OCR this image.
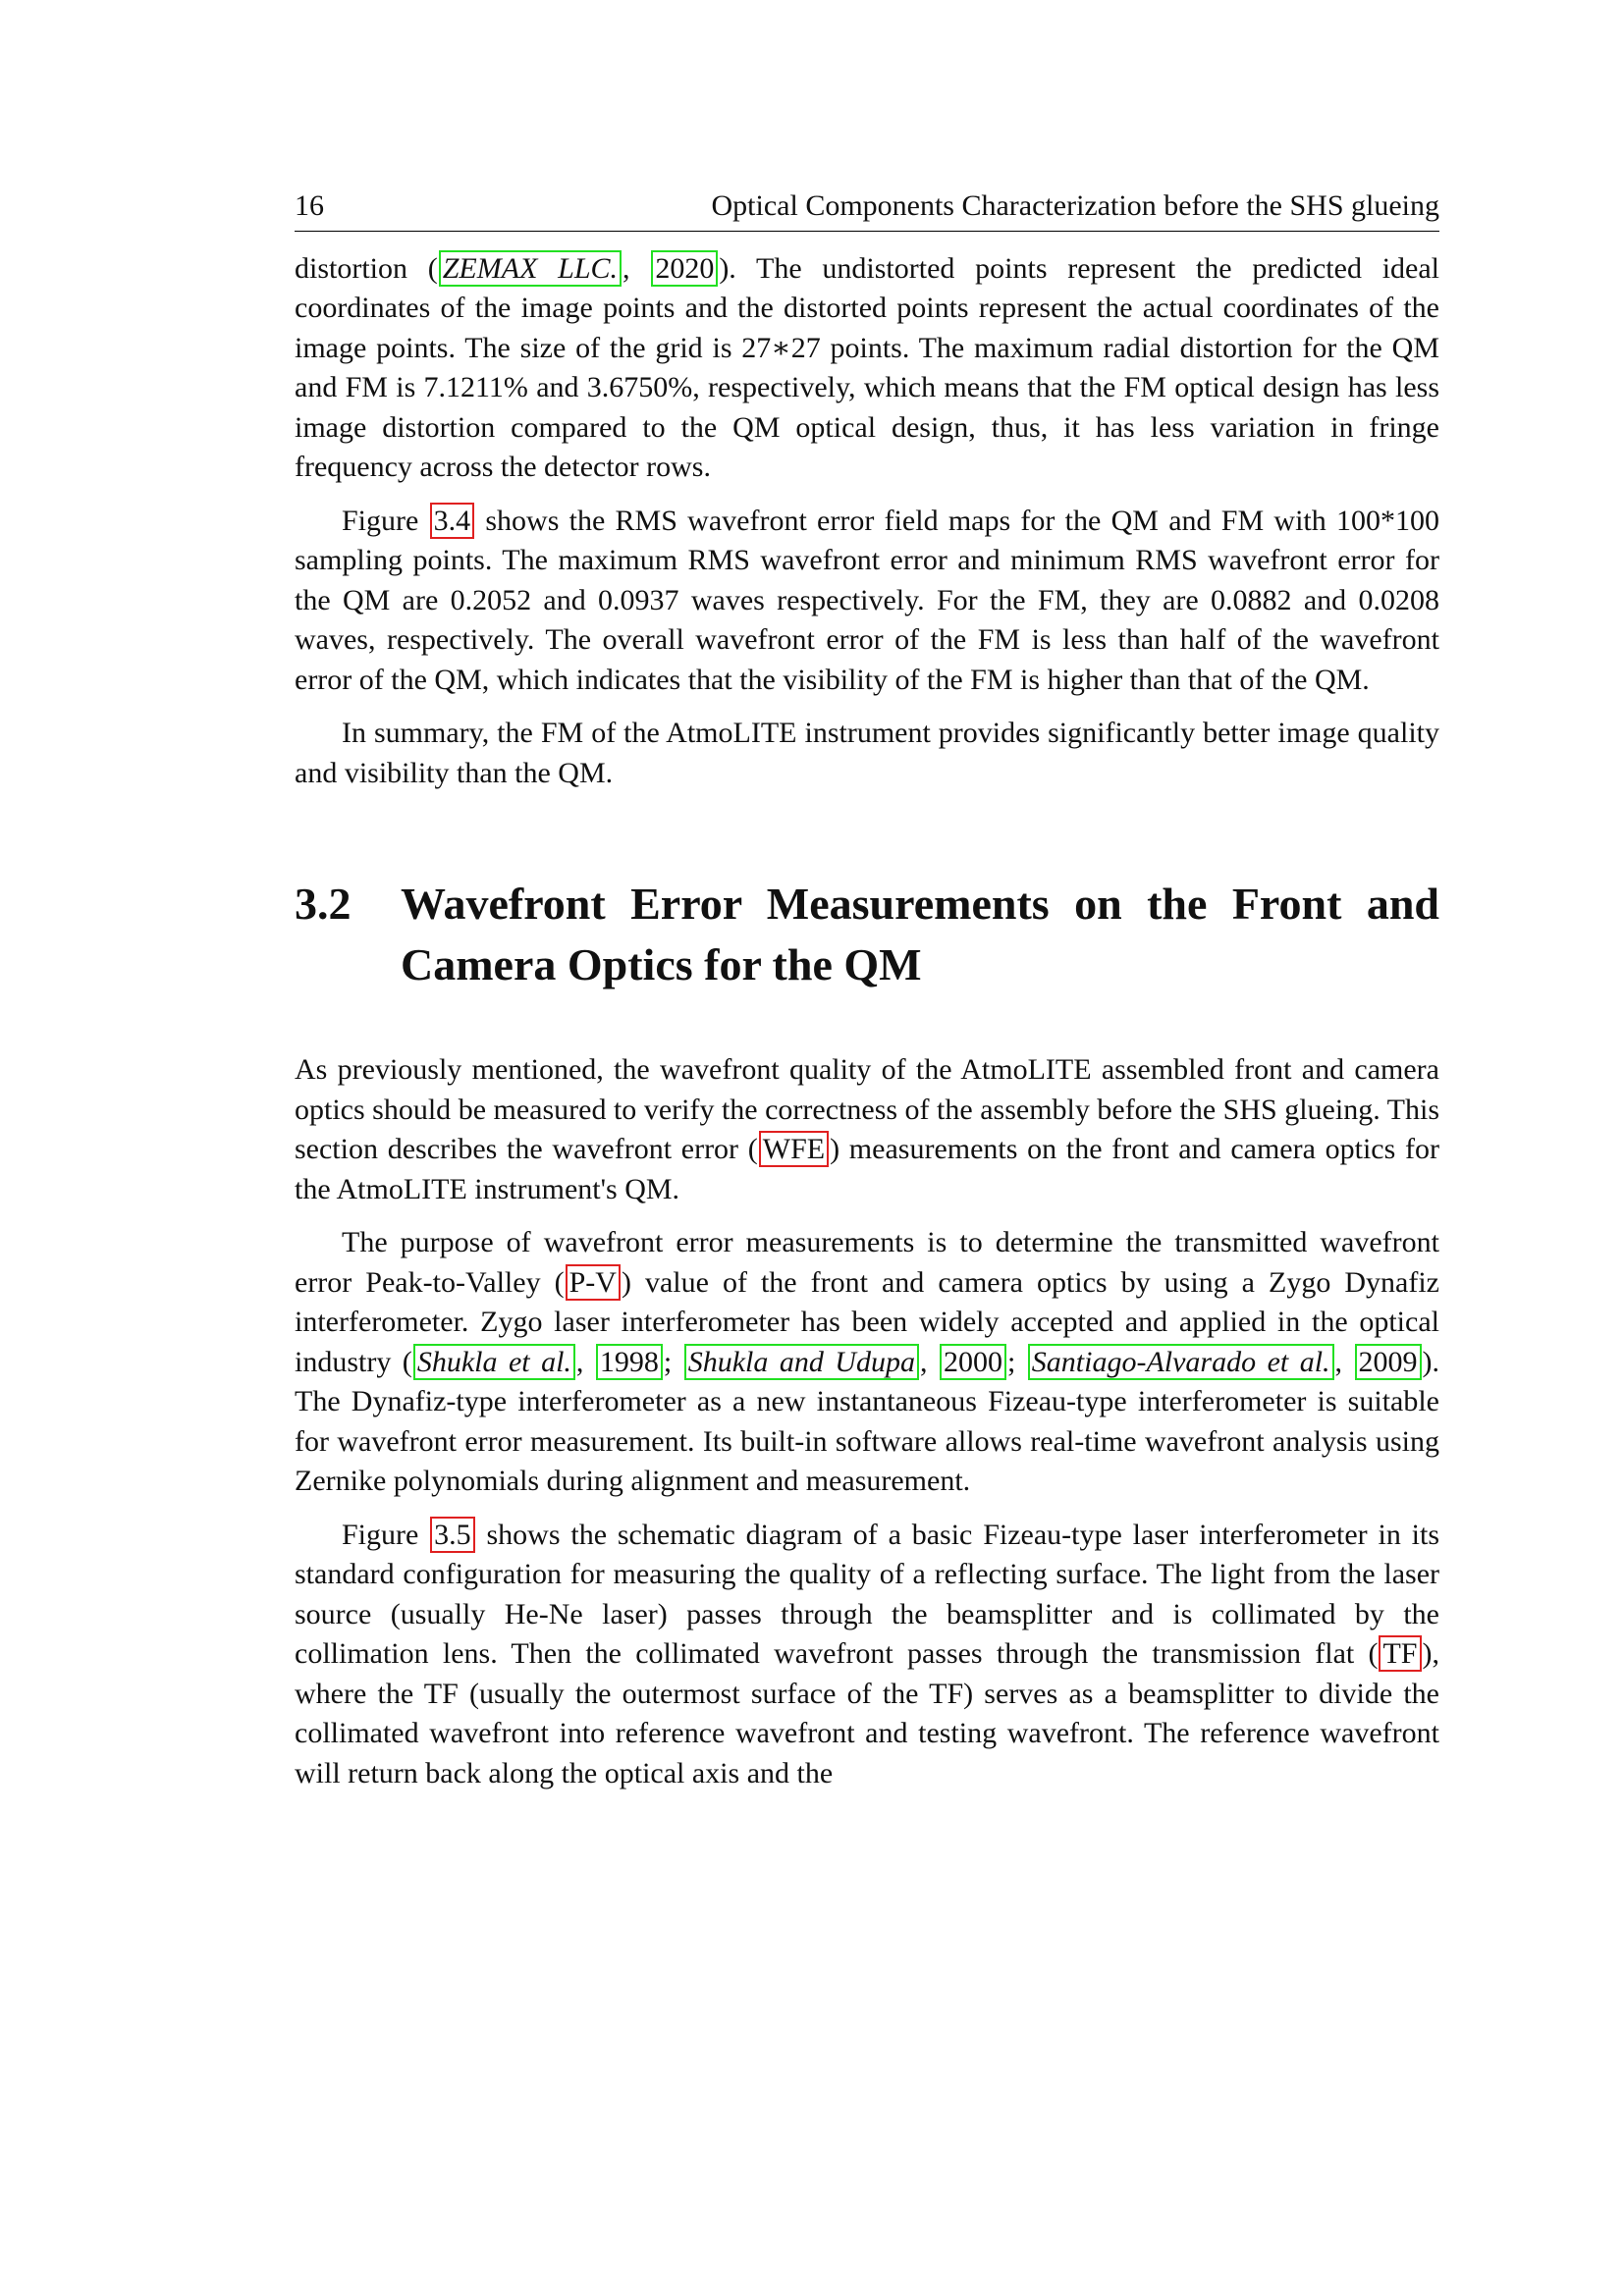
16	Optical Components Characterization before the SHS glueing

distortion ( ZEMAX LLC. , 2020 ). The undistorted points represent the predicted ideal coordinates of the image points and the distorted points represent the actual coordinates of the image points. The size of the grid is 27∗27 points. The maximum radial distortion for the QM and FM is 7.1211% and 3.6750%, respectively, which means that the FM optical design has less image distortion compared to the QM optical design, thus, it has less variation in fringe frequency across the detector rows.

Figure 3.4 shows the RMS wavefront error field maps for the QM and FM with 100*100 sampling points. The maximum RMS wavefront error and minimum RMS wavefront error for the QM are 0.2052 and 0.0937 waves respectively. For the FM, they are 0.0882 and 0.0208 waves, respectively. The overall wavefront error of the FM is less than half of the wavefront error of the QM, which indicates that the visibility of the FM is higher than that of the QM.

In summary, the FM of the AtmoLITE instrument provides significantly better image quality and visibility than the QM.

3.2	Wavefront Error Measurements on the Front and Camera Optics for the QM

As previously mentioned, the wavefront quality of the AtmoLITE assembled front and camera optics should be measured to verify the correctness of the assembly before the SHS glueing. This section describes the wavefront error ( WFE ) measurements on the front and camera optics for the AtmoLITE instrument's QM.

The purpose of wavefront error measurements is to determine the transmitted wavefront error Peak-to-Valley ( P-V ) value of the front and camera optics by using a Zygo Dynafiz interferometer. Zygo laser interferometer has been widely accepted and applied in the optical industry ( Shukla et al. , 1998 ; Shukla and Udupa , 2000 ; Santiago-Alvarado et al. , 2009 ). The Dynafiz-type interferometer as a new instantaneous Fizeau-type interferometer is suitable for wavefront error measurement. Its built-in software allows real-time wavefront analysis using Zernike polynomials during alignment and measurement.

Figure 3.5 shows the schematic diagram of a basic Fizeau-type laser interferometer in its standard configuration for measuring the quality of a reflecting surface. The light from the laser source (usually He-Ne laser) passes through the beamsplitter and is collimated by the collimation lens. Then the collimated wavefront passes through the transmission flat ( TF ), where the TF (usually the outermost surface of the TF) serves as a beamsplitter to divide the collimated wavefront into reference wavefront and testing wavefront. The reference wavefront will return back along the optical axis and the
